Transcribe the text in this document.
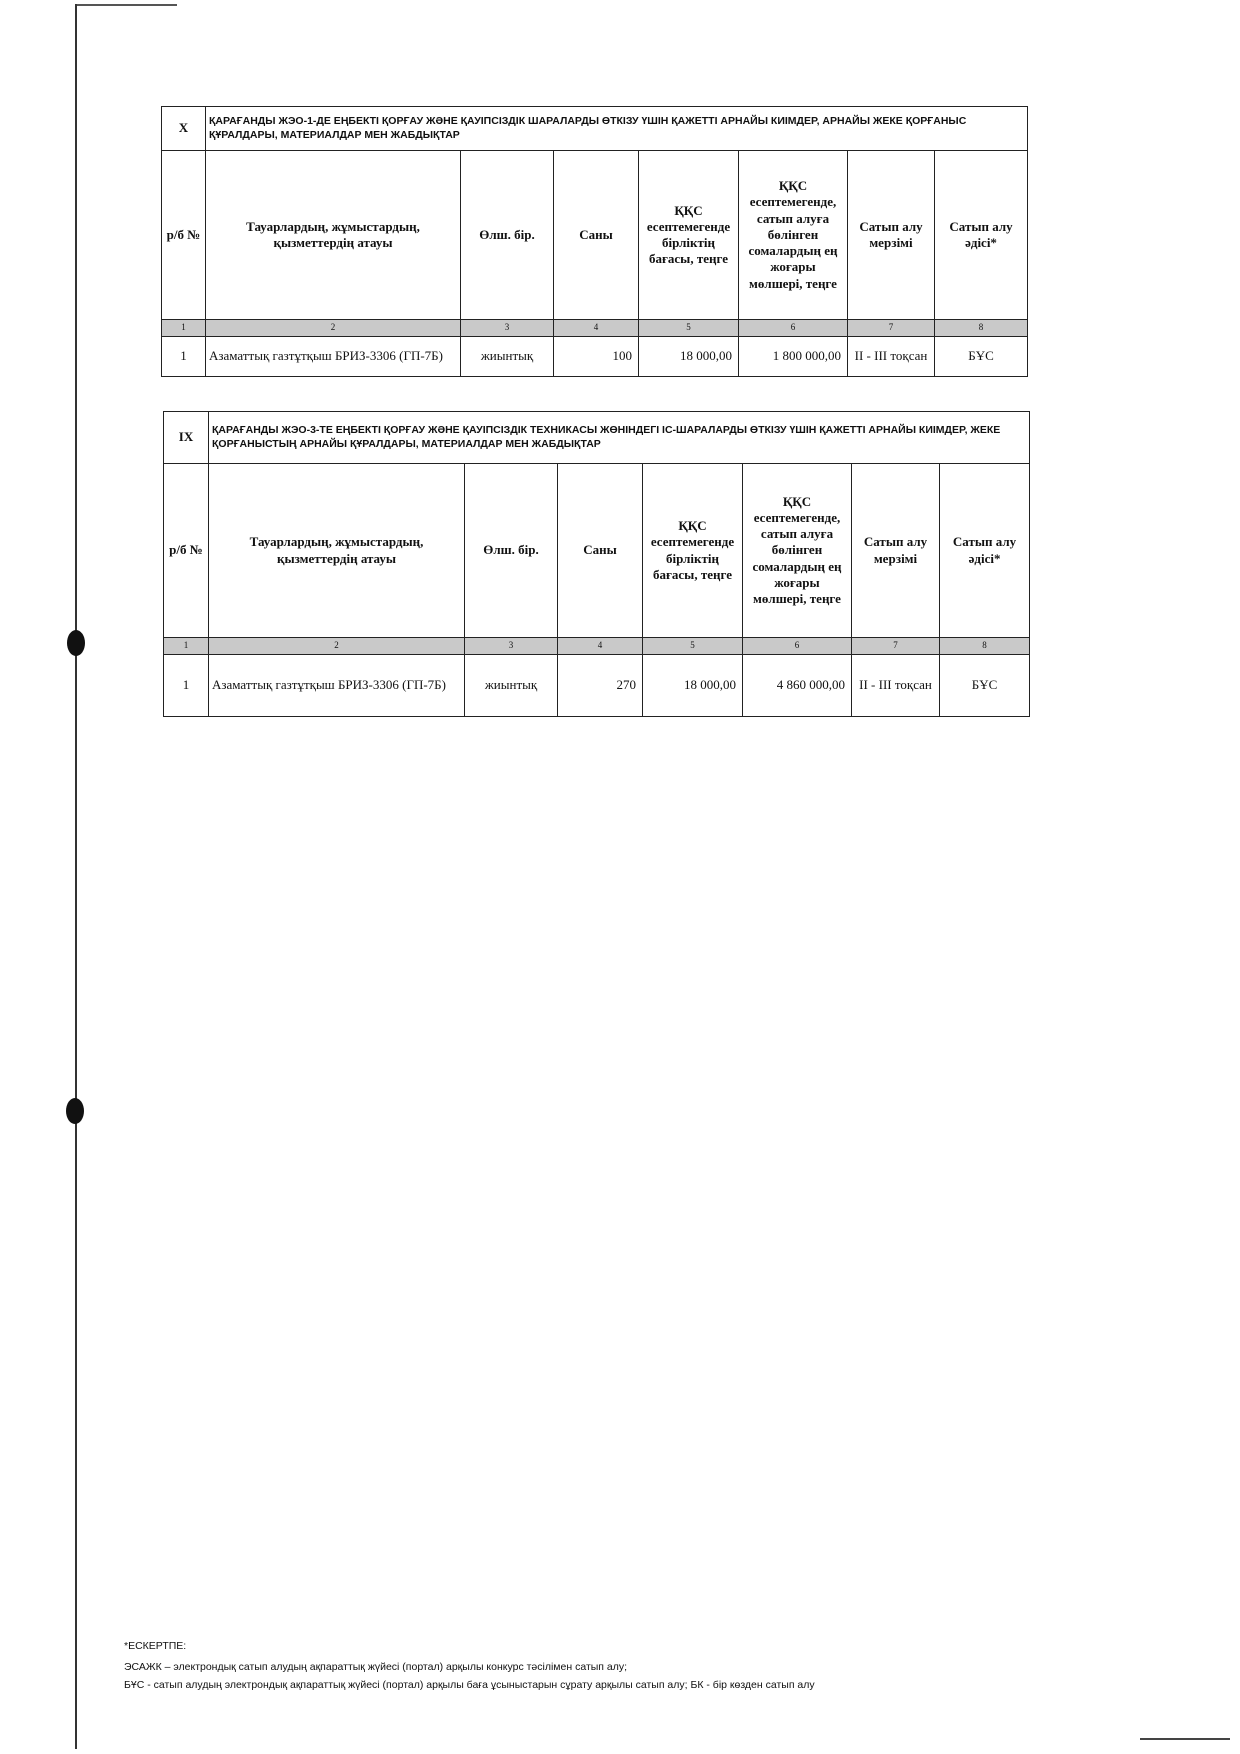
X	ҚАРАҒАНДЫ ЖЭО-1-ДЕ ЕҢБЕКТІ ҚОРҒАУ ЖӘНЕ ҚАУІПСІЗДІК ШАРАЛАРДЫ ӨТКІЗУ ҮШІН ҚАЖЕТТІ АРНАЙЫ КИІМДЕР, АРНАЙЫ ЖЕКЕ ҚОРҒАНЫС ҚҰРАЛДАРЫ, МАТЕРИАЛДАР МЕН ЖАБДЫҚТАР						
р/б №	Тауарлардың, жұмыстардың, қызметтердің атауы	Өлш. бір.	Саны	ҚҚС есептемегенде бірліктің бағасы, теңге	ҚҚС есептемегенде, сатып алуға бөлінген сомалардың ең жоғары мөлшері, теңге	Сатып алу мерзімі	Сатып алу әдісі*
1	2	3	4	5	6	7	8
1	Азаматтық газтұтқыш БРИЗ-3306 (ГП-7Б)	жиынтық	100	18 000,00	1 800 000,00	II - III тоқсан	БҰС
IX	ҚАРАҒАНДЫ ЖЭО-3-ТЕ ЕҢБЕКТІ ҚОРҒАУ ЖӘНЕ ҚАУІПСІЗДІК ТЕХНИКАСЫ ЖӨНІНДЕГІ ІС-ШАРАЛАРДЫ ӨТКІЗУ ҮШІН ҚАЖЕТТІ АРНАЙЫ КИІМДЕР, ЖЕКЕ ҚОРҒАНЫСТЫҢ АРНАЙЫ ҚҰРАЛДАРЫ, МАТЕРИАЛДАР МЕН ЖАБДЫҚТАР						
р/б №	Тауарлардың, жұмыстардың, қызметтердің атауы	Өлш. бір.	Саны	ҚҚС есептемегенде бірліктің бағасы, теңге	ҚҚС есептемегенде, сатып алуға бөлінген сомалардың ең жоғары мөлшері, теңге	Сатып алу мерзімі	Сатып алу әдісі*
1	2	3	4	5	6	7	8
1	Азаматтық газтұтқыш БРИЗ-3306 (ГП-7Б)	жиынтық	270	18 000,00	4 860 000,00	II - III тоқсан	БҰС
*ЕСКЕРТПЕ:
ЭСАЖК – электрондық сатып алудың ақпараттық жүйесі (портал) арқылы конкурс тәсілімен сатып алу;
БҰС - сатып алудың электрондық ақпараттық жүйесі (портал) арқылы баға ұсыныстарын сұрату арқылы сатып алу; БК - бір көзден сатып алу
